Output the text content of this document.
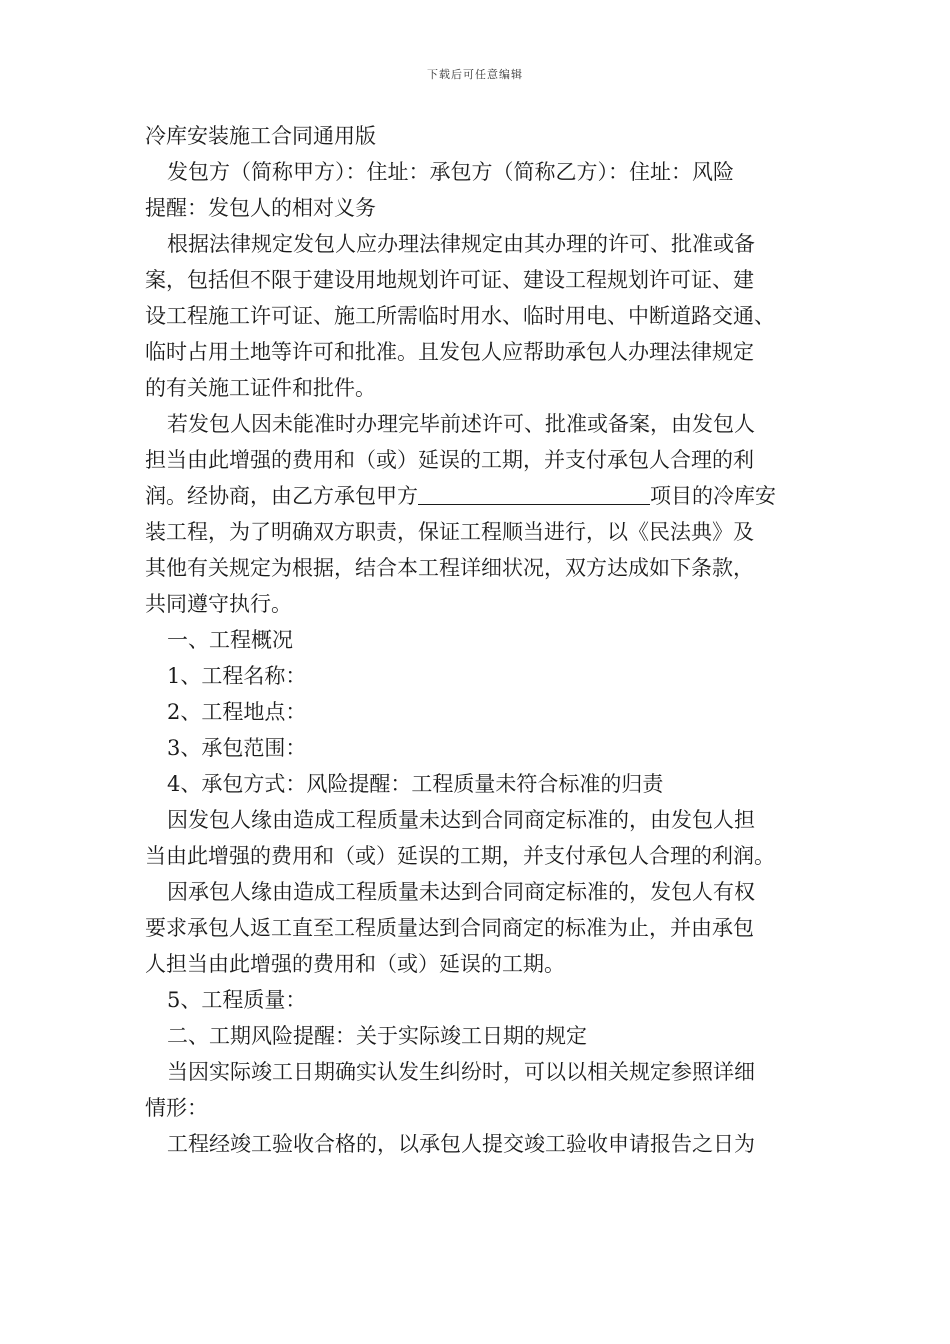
下载后可任意编辑
冷库安装施工合同通用版
发包方（简称甲方）：住址：承包方（简称乙方）：住址：风险
提醒：发包人的相对义务
根据法律规定发包人应办理法律规定由其办理的许可、批准或备
案，包括但不限于建设用地规划许可证、建设工程规划许可证、建
设工程施工许可证、施工所需临时用水、临时用电、中断道路交通、
临时占用土地等许可和批准。且发包人应帮助承包人办理法律规定
的有关施工证件和批件。
若发包人因未能准时办理完毕前述许可、批准或备案，由发包人
担当由此增强的费用和（或）延误的工期，并支付承包人合理的利
润。经协商，由乙方承包甲方	项目的冷库安
装工程，为了明确双方职责，保证工程顺当进行，以《民法典》及
其他有关规定为根据，结合本工程详细状况，双方达成如下条款，
共同遵守执行。
一、工程概况
1、工程名称：
2、工程地点：
3、承包范围：
4、承包方式：风险提醒：工程质量未符合标准的归责
因发包人缘由造成工程质量未达到合同商定标准的，由发包人担
当由此增强的费用和（或）延误的工期，并支付承包人合理的利润。
因承包人缘由造成工程质量未达到合同商定标准的，发包人有权
要求承包人返工直至工程质量达到合同商定的标准为止，并由承包
人担当由此增强的费用和（或）延误的工期。
5、工程质量：
二、工期风险提醒：关于实际竣工日期的规定
当因实际竣工日期确实认发生纠纷时，可以以相关规定参照详细
情形：
工程经竣工验收合格的，以承包人提交竣工验收申请报告之日为
